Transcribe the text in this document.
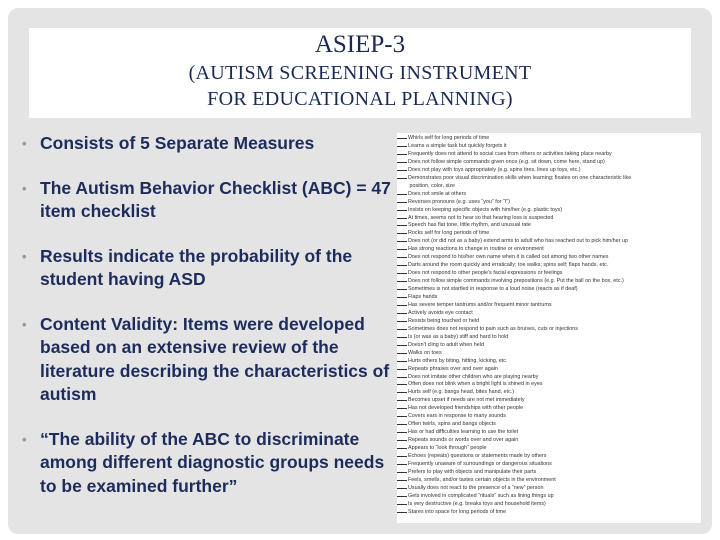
ASIEP-3
(AUTISM SCREENING INSTRUMENT
FOR EDUCATIONAL PLANNING)
• Consists of 5 Separate Measures
• The Autism Behavior Checklist (ABC) = 47 item checklist
• Results indicate the probability of the student having ASD
• Content Validity: Items were developed based on an extensive review of the literature describing the characteristics of autism
• “The ability of the ABC to discriminate among different diagnostic groups needs to be examined further”
Whirls self for long periods of time
Learns a simple task but quickly forgets it
Frequently does not attend to social cues from others or activities taking place nearby
Does not follow simple commands given once (e.g. sit down, come here, stand up)
Does not play with toys appropriately (e.g. spins tires, lines up toys, etc.)
Demonstrates poor visual discrimination skills when learning; fixates on one characteristic like
position, color, size
Does not smile at others
Reverses pronouns (e.g. uses “you” for “I”)
Insists on keeping specific objects with him/her (e.g. plastic toys)
At times, seems not to hear so that hearing loss is suspected
Speech has flat tone, little rhythm, and unusual rate
Rocks self for long periods of time
Does not (or did not as a baby) extend arms to adult who has reached out to pick him/her up
Has strong reactions to change in routine or environment
Does not respond to his/her own name when it is called out among two other names
Darts around the room quickly and erratically; toe walks; spins self; flaps hands, etc.
Does not respond to other people's facial expressions or feelings
Does not follow simple commands involving prepositions (e.g. Put the ball on the box, etc.)
Sometimes is not startled in response to a loud noise (reacts as if deaf)
Flaps hands
Has severe temper tantrums and/or frequent minor tantrums
Actively avoids eye contact
Resists being touched or held
Sometimes does not respond to pain such as bruises, cuts or injections
Is (or was as a baby) stiff and hard to hold
Doesn't cling to adult when held
Walks on toes
Hurts others by biting, hitting, kicking, etc.
Repeats phrases over and over again
Does not imitate other children who are playing nearby
Often does not blink when a bright light is shined in eyes
Hurts self (e.g. bangs head, bites hand, etc.)
Becomes upset if needs are not met immediately
Has not developed friendships with other people
Covers ears in response to many sounds
Often twirls, spins and bangs objects
Has or had difficulties learning to use the toilet
Repeats sounds or words over and over again
Appears to “look through” people
Echoes (repeats) questions or statements made by others
Frequently unaware of surroundings or dangerous situations
Prefers to play with objects and manipulate their parts
Feels, smells, and/or tastes certain objects in the environment
Usually does not react to the presence of a “new” person
Gets involved in complicated “rituals” such as lining things up
Is very destructive (e.g. breaks toys and household items)
Stares into space for long periods of time
